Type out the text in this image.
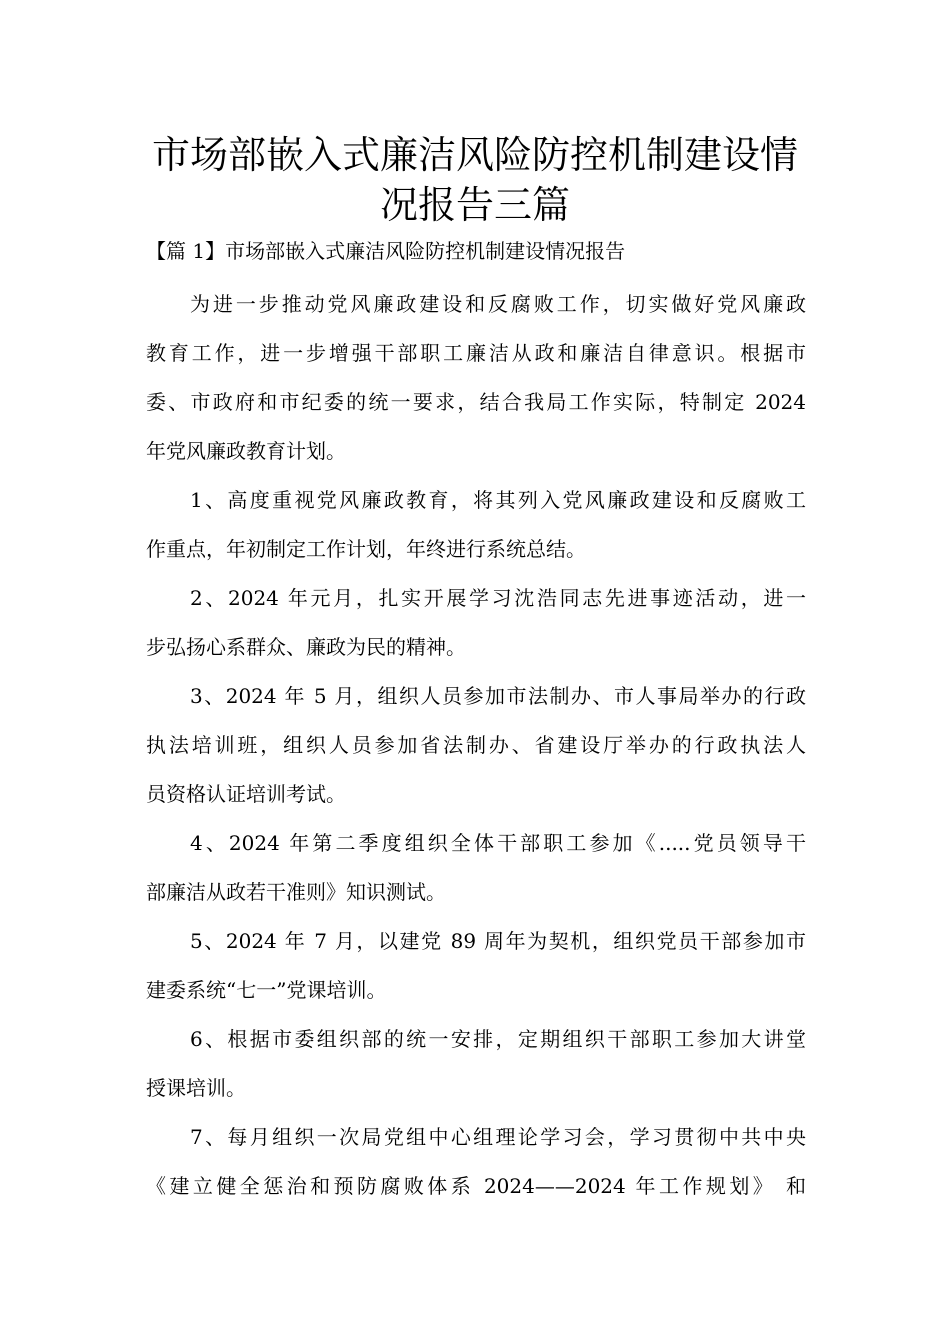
市场部嵌入式廉洁风险防控机制建设情
况报告三篇

【篇 1】市场部嵌入式廉洁风险防控机制建设情况报告

为进一步推动党风廉政建设和反腐败工作，切实做好党风廉政

教育工作，进一步增强干部职工廉洁从政和廉洁自律意识。根据市

委、市政府和市纪委的统一要求，结合我局工作实际，特制定 2024

年党风廉政教育计划。

1、高度重视党风廉政教育，将其列入党风廉政建设和反腐败工

作重点，年初制定工作计划，年终进行系统总结。

2、2024 年元月，扎实开展学习沈浩同志先进事迹活动，进一

步弘扬心系群众、廉政为民的精神。

3、2024 年 5 月，组织人员参加市法制办、市人事局举办的行政

执法培训班，组织人员参加省法制办、省建设厅举办的行政执法人

员资格认证培训考试。

4、2024 年第二季度组织全体干部职工参加《.....党员领导干

部廉洁从政若干准则》知识测试。

5、2024 年 7 月，以建党 89 周年为契机，组织党员干部参加市

建委系统“七一”党课培训。

6、根据市委组织部的统一安排，定期组织干部职工参加大讲堂

授课培训。

7、每月组织一次局党组中心组理论学习会，学习贯彻中共中央

《建立健全惩治和预防腐败体系 2024——2024 年工作规划》 和
